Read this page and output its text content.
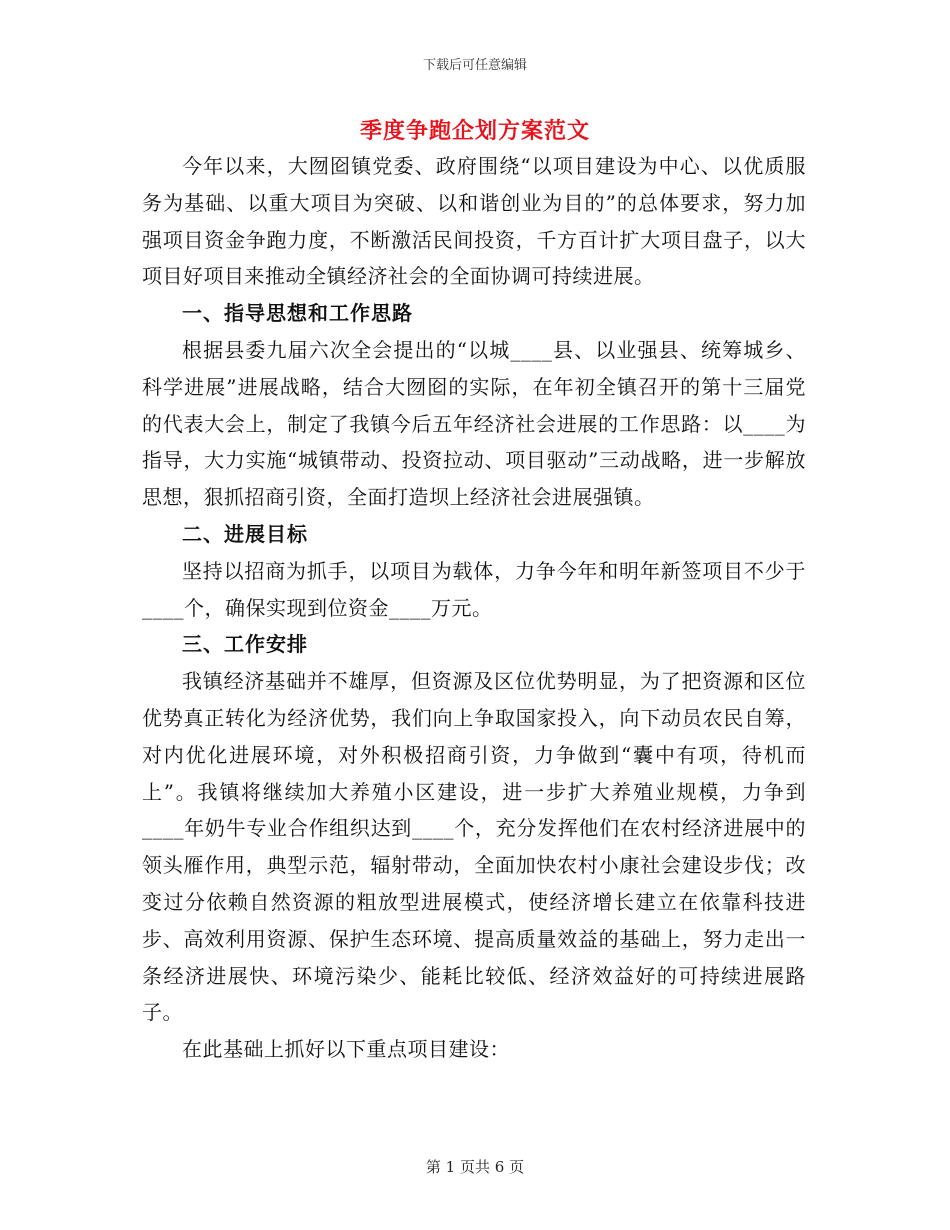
下载后可任意编辑
季度争跑企划方案范文

今年以来，大囫囵镇党委、政府围绕“以项目建设为中心、以优质服务为基础、以重大项目为突破、以和谐创业为目的”的总体要求，努力加强项目资金争跑力度，不断激活民间投资，千方百计扩大项目盘子，以大项目好项目来推动全镇经济社会的全面协调可持续进展。

一、指导思想和工作思路

根据县委九届六次全会提出的“以城____县、以业强县、统筹城乡、科学进展”进展战略，结合大囫囵的实际，在年初全镇召开的第十三届党的代表大会上，制定了我镇今后五年经济社会进展的工作思路：以____为指导，大力实施“城镇带动、投资拉动、项目驱动”三动战略，进一步解放思想，狠抓招商引资，全面打造坝上经济社会进展强镇。

二、进展目标

坚持以招商为抓手，以项目为载体，力争今年和明年新签项目不少于____个，确保实现到位资金____万元。

三、工作安排

我镇经济基础并不雄厚，但资源及区位优势明显，为了把资源和区位优势真正转化为经济优势，我们向上争取国家投入，向下动员农民自筹，对内优化进展环境，对外积极招商引资，力争做到“囊中有项，待机而上”。我镇将继续加大养殖小区建设，进一步扩大养殖业规模，力争到____年奶牛专业合作组织达到____个，充分发挥他们在农村经济进展中的领头雁作用，典型示范，辐射带动，全面加快农村小康社会建设步伐；改变过分依赖自然资源的粗放型进展模式，使经济增长建立在依靠科技进步、高效利用资源、保护生态环境、提高质量效益的基础上，努力走出一条经济进展快、环境污染少、能耗比较低、经济效益好的可持续进展路子。

在此基础上抓好以下重点项目建设：

第 1 页共 6 页
